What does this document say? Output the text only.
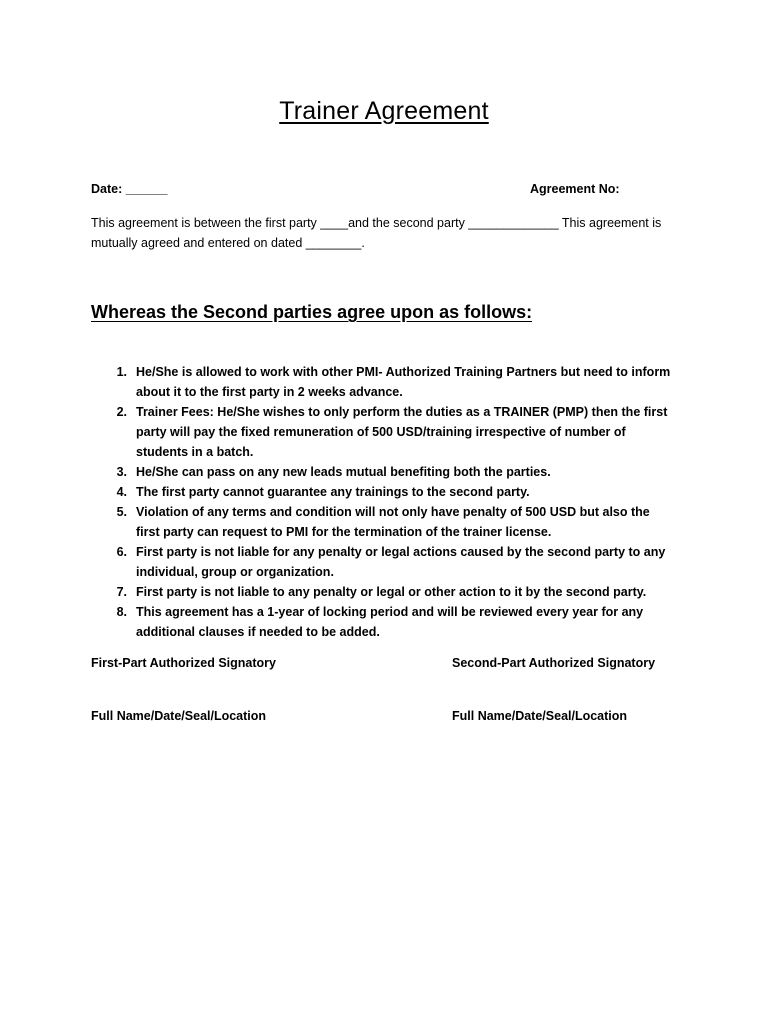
Trainer Agreement
Date: ______	Agreement No:
This agreement is between the first party ____and the second party _____________ This agreement is mutually agreed and entered on dated ________.
Whereas the Second parties agree upon as follows:
1. He/She is allowed to work with other PMI- Authorized Training Partners but need to inform about it to the first party in 2 weeks advance.
2. Trainer Fees: He/She wishes to only perform the duties as a TRAINER (PMP) then the first party will pay the fixed remuneration of 500 USD/training irrespective of number of students in a batch.
3. He/She can pass on any new leads mutual benefiting both the parties.
4. The first party cannot guarantee any trainings to the second party.
5. Violation of any terms and condition will not only have penalty of 500 USD but also the first party can request to PMI for the termination of the trainer license.
6. First party is not liable for any penalty or legal actions caused by the second party to any individual, group or organization.
7. First party is not liable to any penalty or legal or other action to it by the second party.
8. This agreement has a 1-year of locking period and will be reviewed every year for any additional clauses if needed to be added.
First-Part Authorized Signatory	Second-Part Authorized Signatory
Full Name/Date/Seal/Location	Full Name/Date/Seal/Location
